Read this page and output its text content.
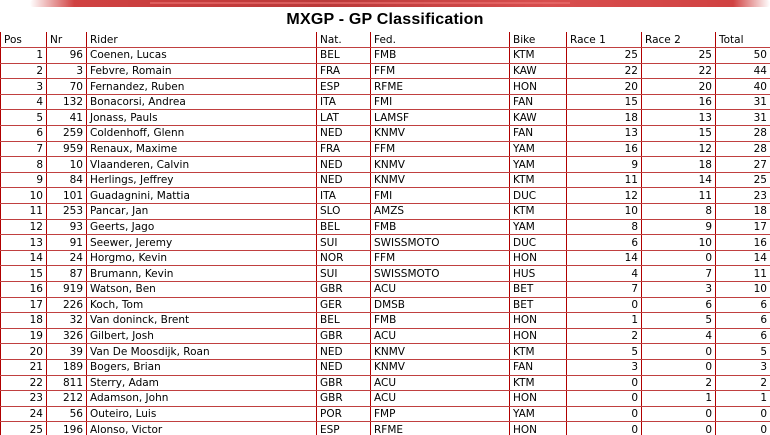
MXGP - GP Classification
Pos	Nr	Rider	Nat.	Fed.	Bike	Race 1	Race 2	Total
1	96	Coenen, Lucas	BEL	FMB	KTM	25	25	50
2	3	Febvre, Romain	FRA	FFM	KAW	22	22	44
3	70	Fernandez, Ruben	ESP	RFME	HON	20	20	40
4	132	Bonacorsi, Andrea	ITA	FMI	FAN	15	16	31
5	41	Jonass, Pauls	LAT	LAMSF	KAW	18	13	31
6	259	Coldenhoff, Glenn	NED	KNMV	FAN	13	15	28
7	959	Renaux, Maxime	FRA	FFM	YAM	16	12	28
8	10	Vlaanderen, Calvin	NED	KNMV	YAM	9	18	27
9	84	Herlings, Jeffrey	NED	KNMV	KTM	11	14	25
10	101	Guadagnini, Mattia	ITA	FMI	DUC	12	11	23
11	253	Pancar, Jan	SLO	AMZS	KTM	10	8	18
12	93	Geerts, Jago	BEL	FMB	YAM	8	9	17
13	91	Seewer, Jeremy	SUI	SWISSMOTO	DUC	6	10	16
14	24	Horgmo, Kevin	NOR	FFM	HON	14	0	14
15	87	Brumann, Kevin	SUI	SWISSMOTO	HUS	4	7	11
16	919	Watson, Ben	GBR	ACU	BET	7	3	10
17	226	Koch, Tom	GER	DMSB	BET	0	6	6
18	32	Van doninck, Brent	BEL	FMB	HON	1	5	6
19	326	Gilbert, Josh	GBR	ACU	HON	2	4	6
20	39	Van De Moosdijk, Roan	NED	KNMV	KTM	5	0	5
21	189	Bogers, Brian	NED	KNMV	FAN	3	0	3
22	811	Sterry, Adam	GBR	ACU	KTM	0	2	2
23	212	Adamson, John	GBR	ACU	HON	0	1	1
24	56	Outeiro, Luis	POR	FMP	YAM	0	0	0
25	196	Alonso, Victor	ESP	RFME	HON	0	0	0
